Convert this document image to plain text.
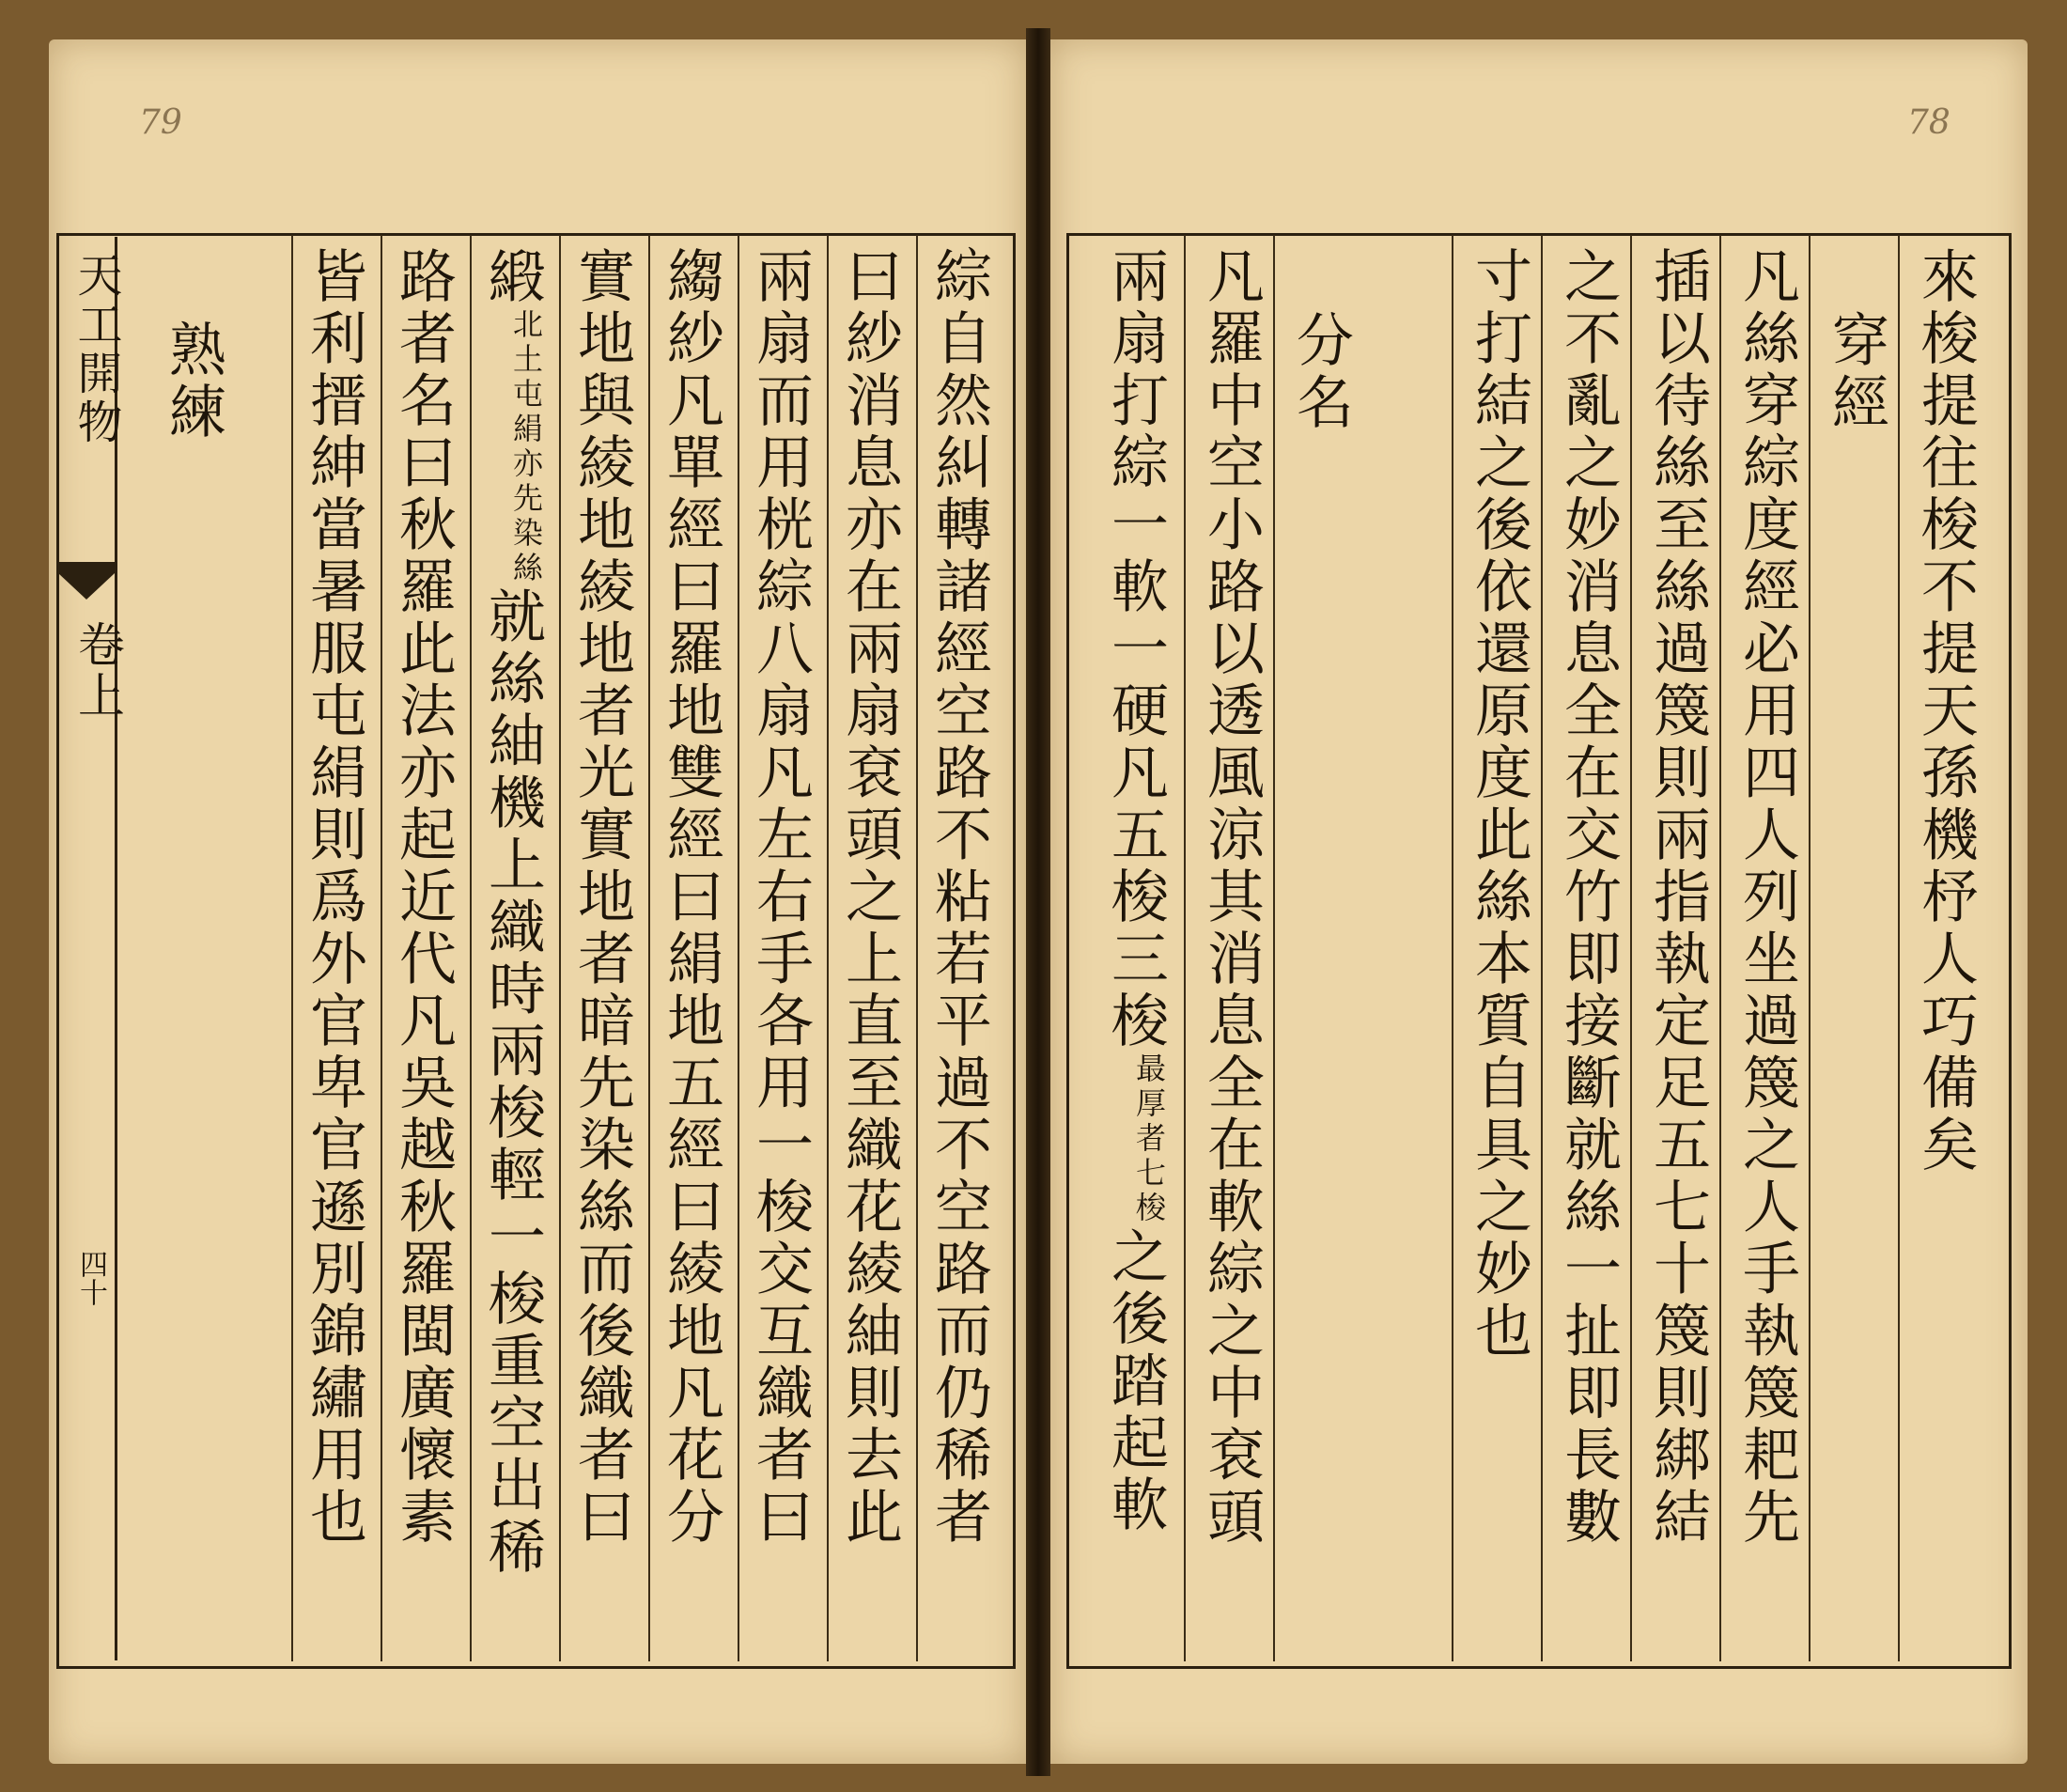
79	78
天工開物
卷上
四十	綜自然糾轉諸經空路不粘若平過不空路而仍稀者
曰紗消息亦在兩扇袞頭之上直至織花綾紬則去此
兩扇而用桄綜八扇凡左右手各用一梭交互織者曰
縐紗凡單經曰羅地雙經曰絹地五經曰綾地凡花分
實地與綾地綾地者光實地者暗先染絲而後織者曰
緞北土屯絹亦先染絲就絲紬機上織時兩梭輕一梭重空出稀
路者名曰秋羅此法亦起近代凡吳越秋羅閩廣懷素
皆利搢紳當暑服屯絹則爲外官卑官遜別錦繡用也
熟練	來梭提往梭不提天孫機杼人巧備矣
穿經
凡絲穿綜度經必用四人列坐過篾之人手執篾耙先
插以待絲至絲過篾則兩指執定足五七十篾則綁結
之不亂之妙消息全在交竹即接斷就絲一扯即長數
寸打結之後依還原度此絲本質自具之妙也
分名
凡羅中空小路以透風涼其消息全在軟綜之中袞頭
兩扇打綜一軟一硬凡五梭三梭最厚者七梭之後踏起軟
